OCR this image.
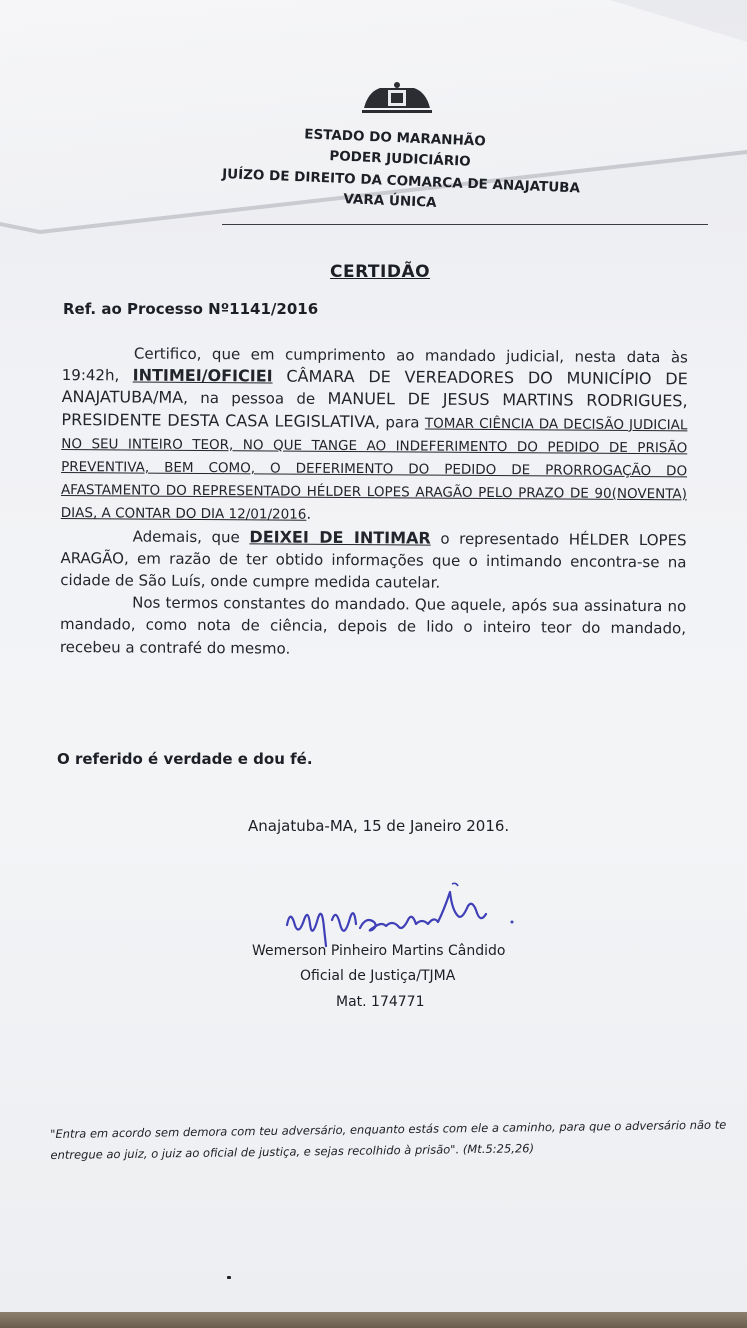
ESTADO DO MARANHÃO
PODER JUDICIÁRIO
JUÍZO DE DIREITO DA COMARCA DE ANAJATUBA
VARA ÚNICA
CERTIDÃO
Ref. ao Processo Nº1141/2016

Certifico, que em cumprimento ao mandado judicial, nesta data às 19:42h, INTIMEI/OFICIEI CÂMARA DE VEREADORES DO MUNICÍPIO DE ANAJATUBA/MA, na pessoa de MANUEL DE JESUS MARTINS RODRIGUES, PRESIDENTE DESTA CASA LEGISLATIVA, para TOMAR CIÊNCIA DA DECISÃO JUDICIAL NO SEU INTEIRO TEOR, NO QUE TANGE AO INDEFERIMENTO DO PEDIDO DE PRISÃO PREVENTIVA, BEM COMO, O DEFERIMENTO DO PEDIDO DE PRORROGAÇÃO DO AFASTAMENTO DO REPRESENTADO HÉLDER LOPES ARAGÃO PELO PRAZO DE 90(NOVENTA) DIAS, A CONTAR DO DIA 12/01/2016.

Ademais, que DEIXEI DE INTIMAR o representado HÉLDER LOPES ARAGÃO, em razão de ter obtido informações que o intimando encontra-se na cidade de São Luís, onde cumpre medida cautelar.

Nos termos constantes do mandado. Que aquele, após sua assinatura no mandado, como nota de ciência, depois de lido o inteiro teor do mandado, recebeu a contrafé do mesmo.

O referido é verdade e dou fé.
Anajatuba-MA, 15 de Janeiro 2016.
Wemerson Pinheiro Martins Cândido
Oficial de Justiça/TJMA
Mat. 174771
"Entra em acordo sem demora com teu adversário, enquanto estás com ele a caminho, para que o adversário não te entregue ao juiz, o juiz ao oficial de justiça, e sejas recolhido à prisão". (Mt.5:25,26)
